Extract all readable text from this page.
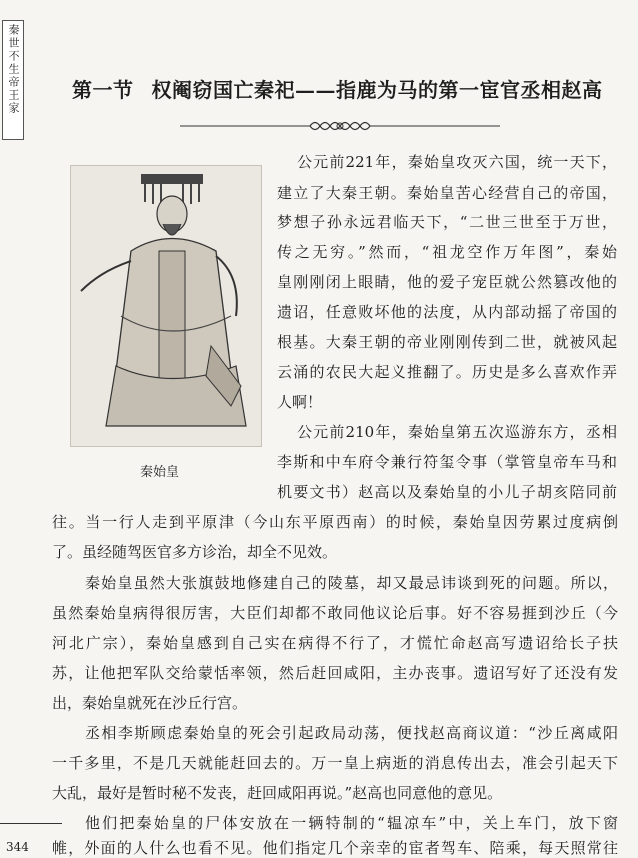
秦世不生帝王家	第一节 权阉窃国亡秦祀——指鹿为马的第一宦官丞相赵高
秦始皇
公元前221年，秦始皇攻灭六国，统一天下，
建立了大秦王朝。秦始皇苦心经营自己的帝国，
梦想子孙永远君临天下，“二世三世至于万世，
传之无穷。”然而，“祖龙空作万年图”，秦始
皇刚刚闭上眼睛，他的爱子宠臣就公然篡改他的
遗诏，任意败坏他的法度，从内部动摇了帝国的
根基。大秦王朝的帝业刚刚传到二世，就被风起
云涌的农民大起义推翻了。历史是多么喜欢作弄
人啊！
公元前210年，秦始皇第五次巡游东方，丞相
李斯和中车府令兼行符玺令事（掌管皇帝车马和
机要文书）赵高以及秦始皇的小儿子胡亥陪同前
往。当一行人走到平原津（今山东平原西南）的时候，秦始皇因劳累过度病倒
了。虽经随驾医官多方诊治，却全不见效。
秦始皇虽然大张旗鼓地修建自己的陵墓，却又最忌讳谈到死的问题。所以，
虽然秦始皇病得很厉害，大臣们却都不敢同他议论后事。好不容易捱到沙丘（今
河北广宗），秦始皇感到自己实在病得不行了，才慌忙命赵高写遗诏给长子扶
苏，让他把军队交给蒙恬率领，然后赶回咸阳，主办丧事。遗诏写好了还没有发
出，秦始皇就死在沙丘行宫。
丞相李斯顾虑秦始皇的死会引起政局动荡，便找赵高商议道：“沙丘离咸阳
一千多里，不是几天就能赶回去的。万一皇上病逝的消息传出去，准会引起天下
大乱，最好是暂时秘不发丧，赶回咸阳再说。”赵高也同意他的意见。
他们把秦始皇的尸体安放在一辆特制的“辒凉车”中，关上车门，放下窗
帷，外面的人什么也看不见。他们指定几个亲幸的宦者驾车、陪乘，每天照常往
344
